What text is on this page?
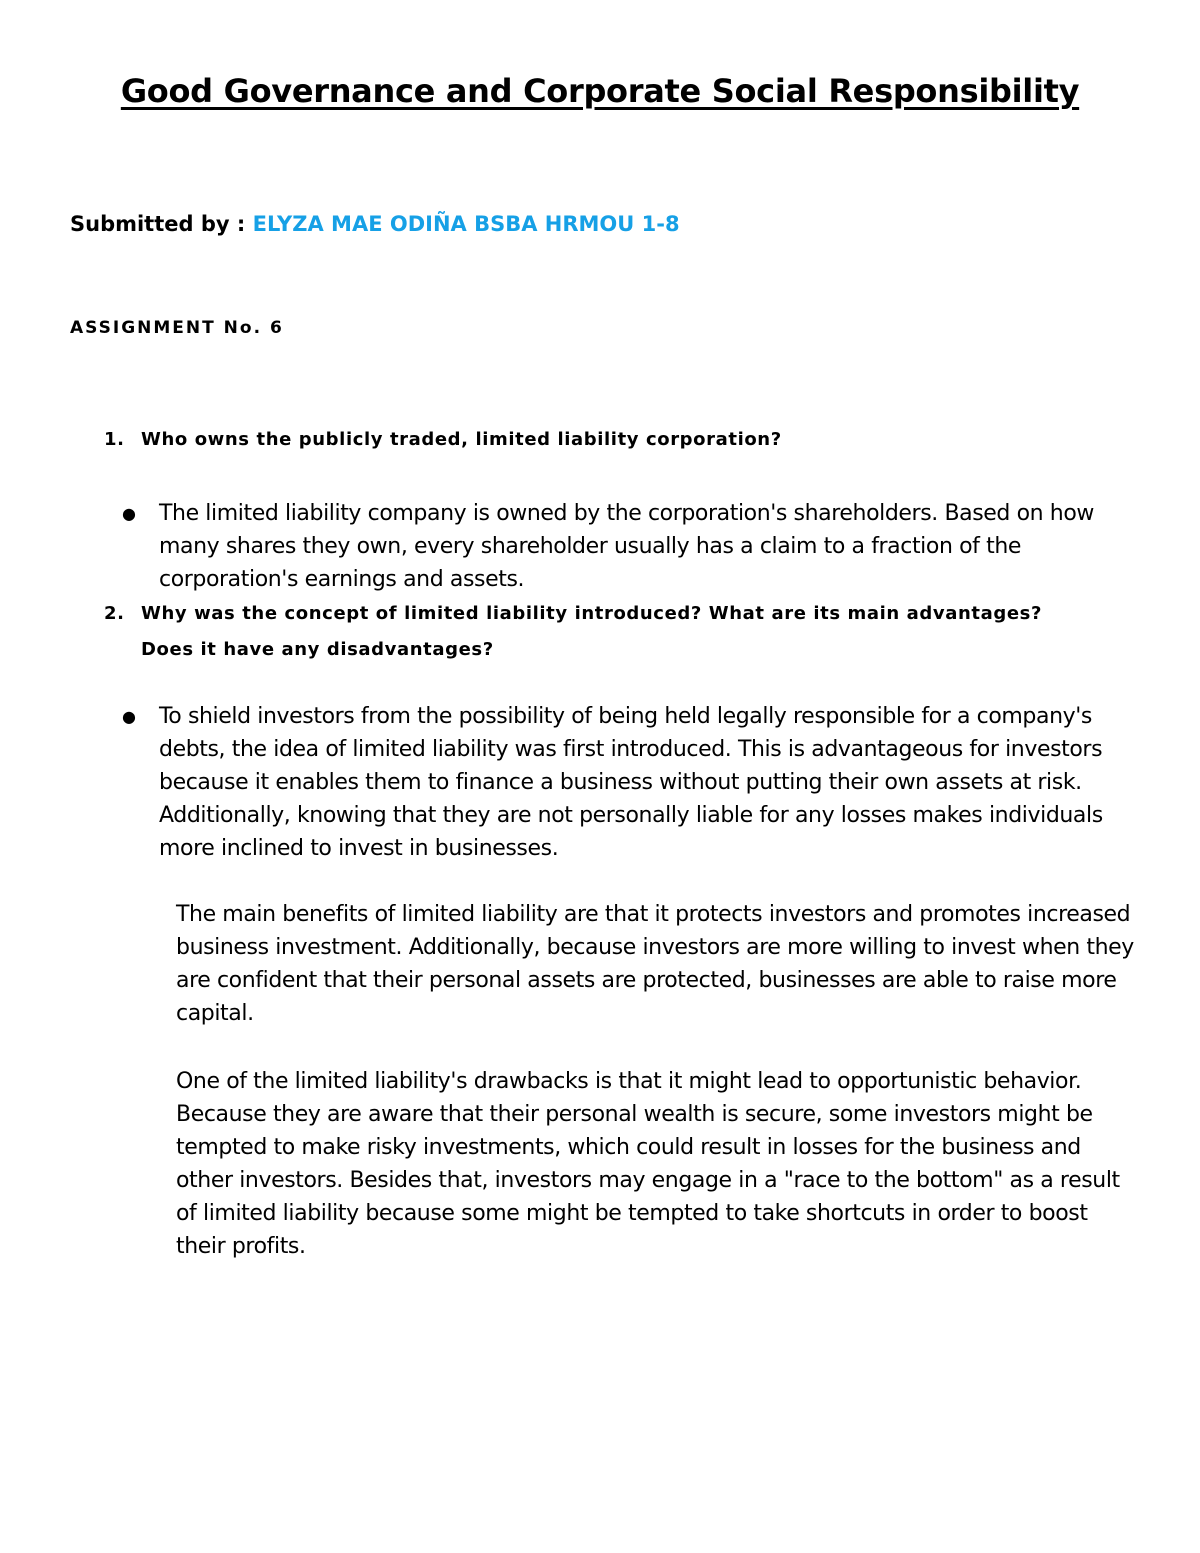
Good Governance and Corporate Social Responsibility
Submitted by : ELYZA MAE ODIÑA BSBA HRMOU 1-8
ASSIGNMENT No. 6
1. Who owns the publicly traded, limited liability corporation?
●	The limited liability company is owned by the corporation's shareholders. Based on how many shares they own, every shareholder usually has a claim to a fraction of the corporation's earnings and assets.
2. Why was the concept of limited liability introduced? What are its main advantages?
Does it have any disadvantages?
●	To shield investors from the possibility of being held legally responsible for a company's debts, the idea of limited liability was first introduced. This is advantageous for investors because it enables them to finance a business without putting their own assets at risk. Additionally, knowing that they are not personally liable for any losses makes individuals more inclined to invest in businesses.
The main benefits of limited liability are that it protects investors and promotes increased business investment. Additionally, because investors are more willing to invest when they are confident that their personal assets are protected, businesses are able to raise more capital.
One of the limited liability's drawbacks is that it might lead to opportunistic behavior. Because they are aware that their personal wealth is secure, some investors might be tempted to make risky investments, which could result in losses for the business and other investors. Besides that, investors may engage in a "race to the bottom" as a result of limited liability because some might be tempted to take shortcuts in order to boost their profits.
